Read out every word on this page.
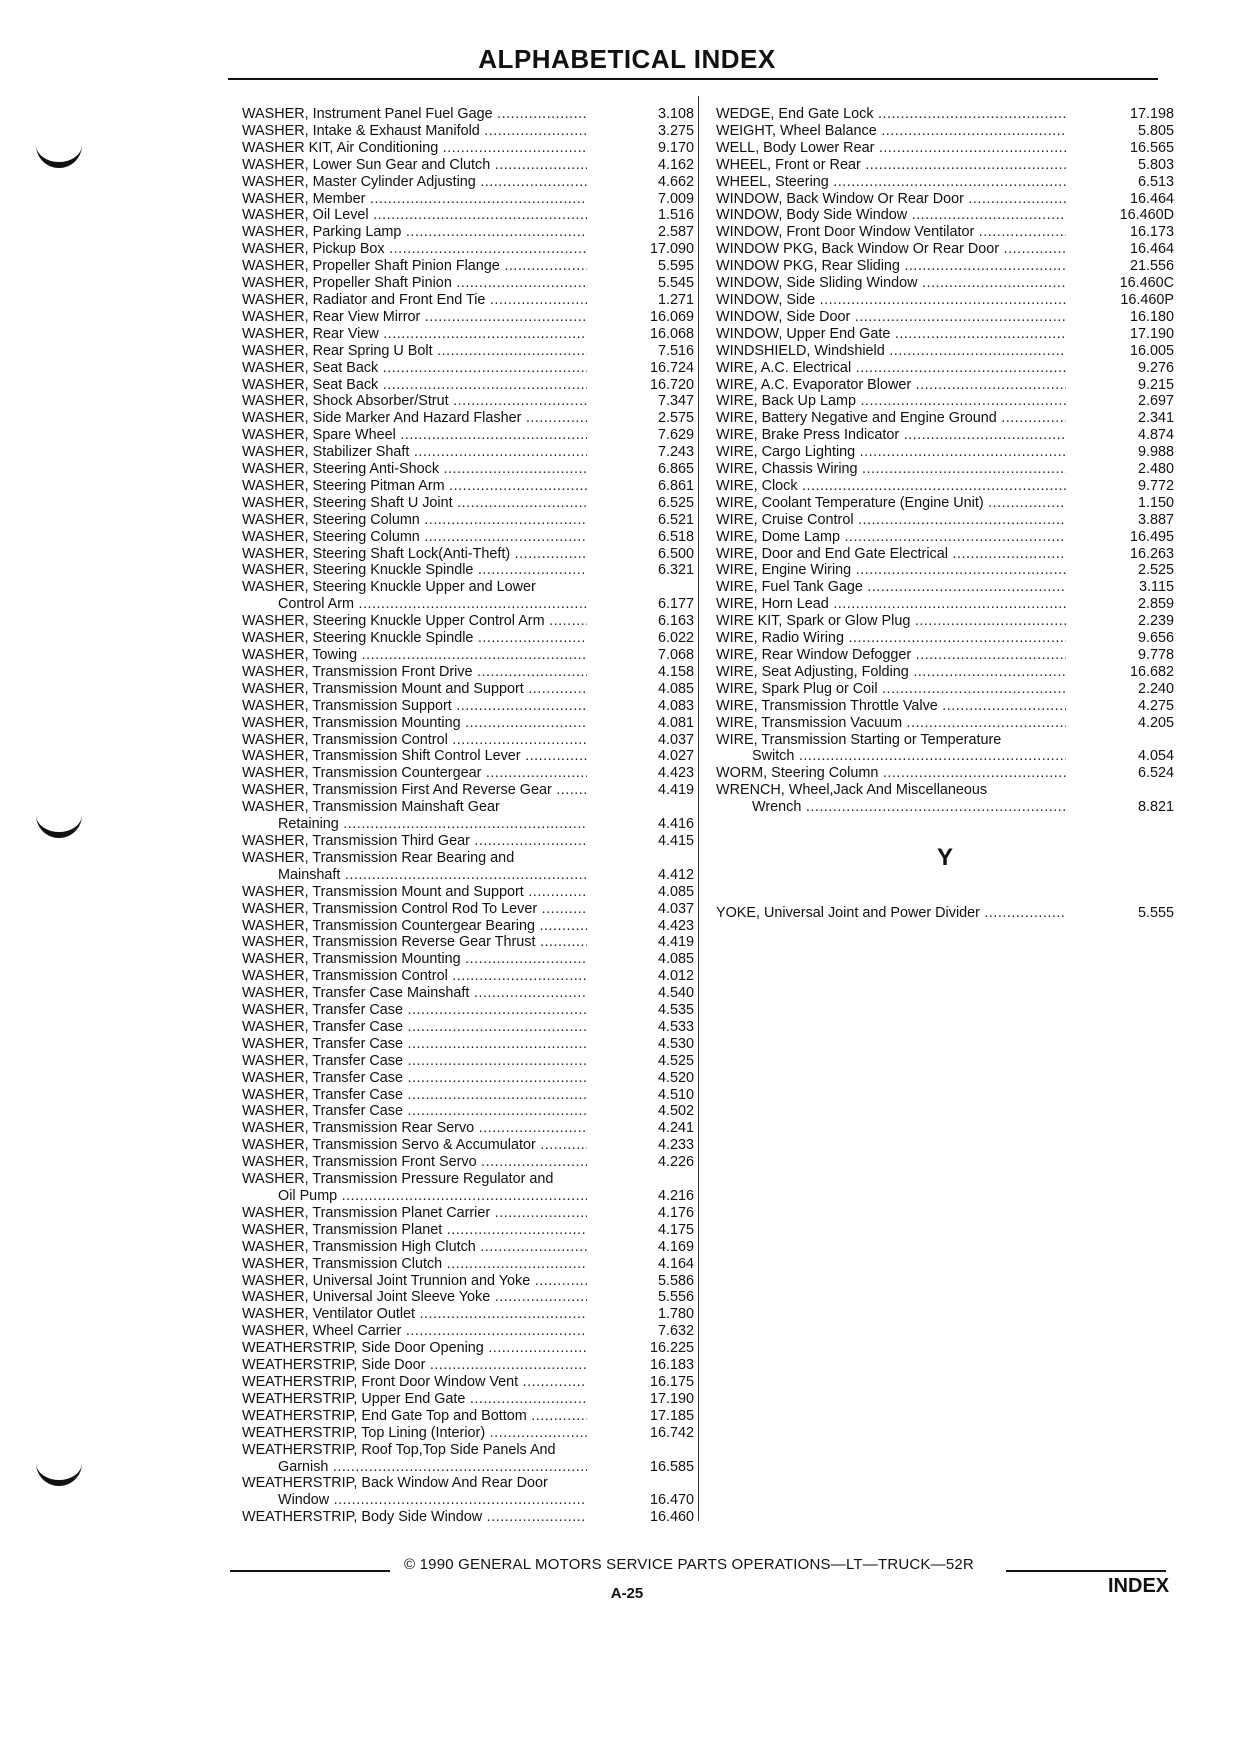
ALPHABETICAL INDEX
WASHER, Instrument Panel Fuel Gage .....	3.108
WASHER, Intake & Exhaust Manifold .....	3.275
WASHER KIT, Air Conditioning .....	9.170
WASHER, Lower Sun Gear and Clutch .....	4.162
WASHER, Master Cylinder Adjusting .....	4.662
WASHER, Member .....	7.009
WASHER, Oil Level .....	1.516
WASHER, Parking Lamp .....	2.587
WASHER, Pickup Box .....	17.090
WASHER, Propeller Shaft Pinion Flange .....	5.595
WASHER, Propeller Shaft Pinion .....	5.545
WASHER, Radiator and Front End Tie .....	1.271
WASHER, Rear View Mirror .....	16.069
WASHER, Rear View .....	16.068
WASHER, Rear Spring U Bolt .....	7.516
WASHER, Seat Back .....	16.724
WASHER, Seat Back .....	16.720
WASHER, Shock Absorber/Strut .....	7.347
WASHER, Side Marker And Hazard Flasher .....	2.575
WASHER, Spare Wheel .....	7.629
WASHER, Stabilizer Shaft .....	7.243
WASHER, Steering Anti-Shock .....	6.865
WASHER, Steering Pitman Arm .....	6.861
WASHER, Steering Shaft U Joint .....	6.525
WASHER, Steering Column .....	6.521
WASHER, Steering Column .....	6.518
WASHER, Steering Shaft Lock(Anti-Theft) .....	6.500
WASHER, Steering Knuckle Spindle .....	6.321
WASHER, Steering Knuckle Upper and Lower
Control Arm .....	6.177
WASHER, Steering Knuckle Upper Control Arm .....	6.163
WASHER, Steering Knuckle Spindle .....	6.022
WASHER, Towing .....	7.068
WASHER, Transmission Front Drive .....	4.158
WASHER, Transmission Mount and Support .....	4.085
WASHER, Transmission Support .....	4.083
WASHER, Transmission Mounting .....	4.081
WASHER, Transmission Control .....	4.037
WASHER, Transmission Shift Control Lever .....	4.027
WASHER, Transmission Countergear .....	4.423
WASHER, Transmission First And Reverse Gear .....	4.419
WASHER, Transmission Mainshaft Gear
Retaining .....	4.416
WASHER, Transmission Third Gear .....	4.415
WASHER, Transmission Rear Bearing and
Mainshaft .....	4.412
WASHER, Transmission Mount and Support .....	4.085
WASHER, Transmission Control Rod To Lever .....	4.037
WASHER, Transmission Countergear Bearing .....	4.423
WASHER, Transmission Reverse Gear Thrust .....	4.419
WASHER, Transmission Mounting .....	4.085
WASHER, Transmission Control .....	4.012
WASHER, Transfer Case Mainshaft .....	4.540
WASHER, Transfer Case .....	4.535
WASHER, Transfer Case .....	4.533
WASHER, Transfer Case .....	4.530
WASHER, Transfer Case .....	4.525
WASHER, Transfer Case .....	4.520
WASHER, Transfer Case .....	4.510
WASHER, Transfer Case .....	4.502
WASHER, Transmission Rear Servo .....	4.241
WASHER, Transmission Servo & Accumulator .....	4.233
WASHER, Transmission Front Servo .....	4.226
WASHER, Transmission Pressure Regulator and
Oil Pump .....	4.216
WASHER, Transmission Planet Carrier .....	4.176
WASHER, Transmission Planet .....	4.175
WASHER, Transmission High Clutch .....	4.169
WASHER, Transmission Clutch .....	4.164
WASHER, Universal Joint Trunnion and Yoke .....	5.586
WASHER, Universal Joint Sleeve Yoke .....	5.556
WASHER, Ventilator Outlet .....	1.780
WASHER, Wheel Carrier .....	7.632
WEATHERSTRIP, Side Door Opening .....	16.225
WEATHERSTRIP, Side Door .....	16.183
WEATHERSTRIP, Front Door Window Vent .....	16.175
WEATHERSTRIP, Upper End Gate .....	17.190
WEATHERSTRIP, End Gate Top and Bottom .....	17.185
WEATHERSTRIP, Top Lining (Interior) .....	16.742
WEATHERSTRIP, Roof Top,Top Side Panels And
Garnish .....	16.585
WEATHERSTRIP, Back Window And Rear Door
Window .....	16.470
WEATHERSTRIP, Body Side Window .....	16.460
WEDGE, End Gate Lock .....	17.198
WEIGHT, Wheel Balance .....	5.805
WELL, Body Lower Rear .....	16.565
WHEEL, Front or Rear .....	5.803
WHEEL, Steering .....	6.513
WINDOW, Back Window Or Rear Door .....	16.464
WINDOW, Body Side Window .....	16.460D
WINDOW, Front Door Window Ventilator .....	16.173
WINDOW PKG, Back Window Or Rear Door .....	16.464
WINDOW PKG, Rear Sliding .....	21.556
WINDOW, Side Sliding Window .....	16.460C
WINDOW, Side .....	16.460P
WINDOW, Side Door .....	16.180
WINDOW, Upper End Gate .....	17.190
WINDSHIELD, Windshield .....	16.005
WIRE, A.C. Electrical .....	9.276
WIRE, A.C. Evaporator Blower .....	9.215
WIRE, Back Up Lamp .....	2.697
WIRE, Battery Negative and Engine Ground .....	2.341
WIRE, Brake Press Indicator .....	4.874
WIRE, Cargo Lighting .....	9.988
WIRE, Chassis Wiring .....	2.480
WIRE, Clock .....	9.772
WIRE, Coolant Temperature (Engine Unit) .....	1.150
WIRE, Cruise Control .....	3.887
WIRE, Dome Lamp .....	16.495
WIRE, Door and End Gate Electrical .....	16.263
WIRE, Engine Wiring .....	2.525
WIRE, Fuel Tank Gage .....	3.115
WIRE, Horn Lead .....	2.859
WIRE KIT, Spark or Glow Plug .....	2.239
WIRE, Radio Wiring .....	9.656
WIRE, Rear Window Defogger .....	9.778
WIRE, Seat Adjusting, Folding .....	16.682
WIRE, Spark Plug or Coil .....	2.240
WIRE, Transmission Throttle Valve .....	4.275
WIRE, Transmission Vacuum .....	4.205
WIRE, Transmission Starting or Temperature
Switch .....	4.054
WORM, Steering Column .....	6.524
WRENCH, Wheel,Jack And Miscellaneous
Wrench .....	8.821
Y
YOKE, Universal Joint and Power Divider .....	5.555
© 1990 GENERAL MOTORS SERVICE PARTS OPERATIONS—LT—TRUCK—52R
A-25	INDEX
